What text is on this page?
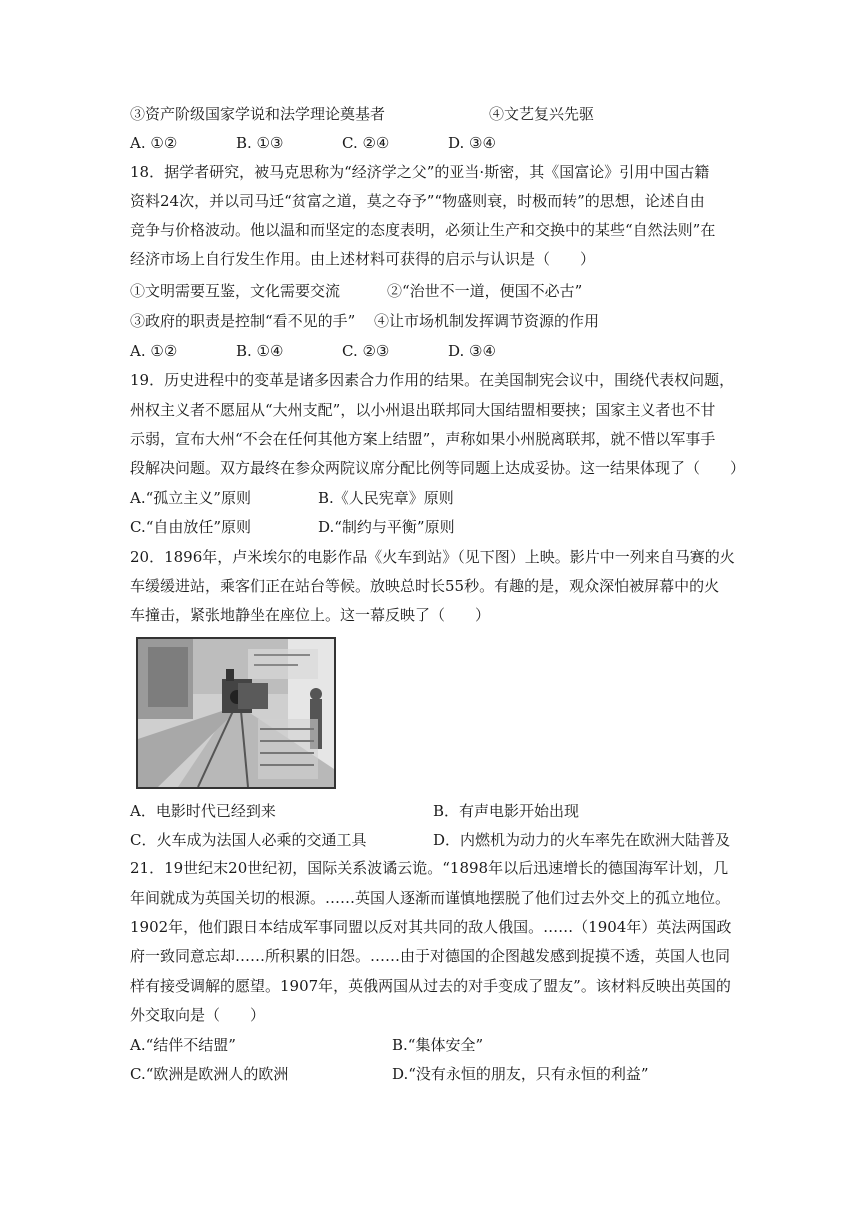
③资产阶级国家学说和法学理论奠基者	④文艺复兴先驱
A. ①②	B. ①③	C. ②④	D. ③④
18．据学者研究，被马克思称为“经济学之父”的亚当·斯密，其《国富论》引用中国古籍
资料24次，并以司马迁“贫富之道，莫之夺予”“物盛则衰，时极而转”的思想，论述自由
竞争与价格波动。他以温和而坚定的态度表明，必须让生产和交换中的某些“自然法则”在
经济市场上自行发生作用。由上述材料可获得的启示与认识是（　　）
①文明需要互鉴，文化需要交流	②“治世不一道，便国不必古”
③政府的职责是控制“看不见的手” ④让市场机制发挥调节资源的作用
A. ①②	B. ①④	C. ②③	D. ③④
19．历史进程中的变革是诸多因素合力作用的结果。在美国制宪会议中，围绕代表权问题，
州权主义者不愿屈从“大州支配”，以小州退出联邦同大国结盟相要挟；国家主义者也不甘
示弱，宣布大州“不会在任何其他方案上结盟”，声称如果小州脱离联邦，就不惜以军事手
段解决问题。双方最终在参众两院议席分配比例等同题上达成妥协。这一结果体现了（　　）
A.“孤立主义”原则	B.《人民宪章》原则
C.“自由放任”原则	D.“制约与平衡”原则
20．1896年，卢米埃尔的电影作品《火车到站》（见下图）上映。影片中一列来自马赛的火
车缓缓进站，乘客们正在站台等候。放映总时长55秒。有趣的是，观众深怕被屏幕中的火
车撞击，紧张地静坐在座位上。这一幕反映了（　　）
A．电影时代已经到来	B．有声电影开始出现
C．火车成为法国人必乘的交通工具	D．内燃机为动力的火车率先在欧洲大陆普及
21．19世纪末20世纪初，国际关系波谲云诡。“1898年以后迅速增长的德国海军计划，几
年间就成为英国关切的根源。……英国人逐渐而谨慎地摆脱了他们过去外交上的孤立地位。
1902年，他们跟日本结成军事同盟以反对其共同的敌人俄国。……（1904年）英法两国政
府一致同意忘却……所积累的旧怨。……由于对德国的企图越发感到捉摸不透，英国人也同
样有接受调解的愿望。1907年，英俄两国从过去的对手变成了盟友”。该材料反映出英国的
外交取向是（　　）
A.“结伴不结盟”	B.“集体安全”
C.“欧洲是欧洲人的欧洲	D.“没有永恒的朋友，只有永恒的利益”
